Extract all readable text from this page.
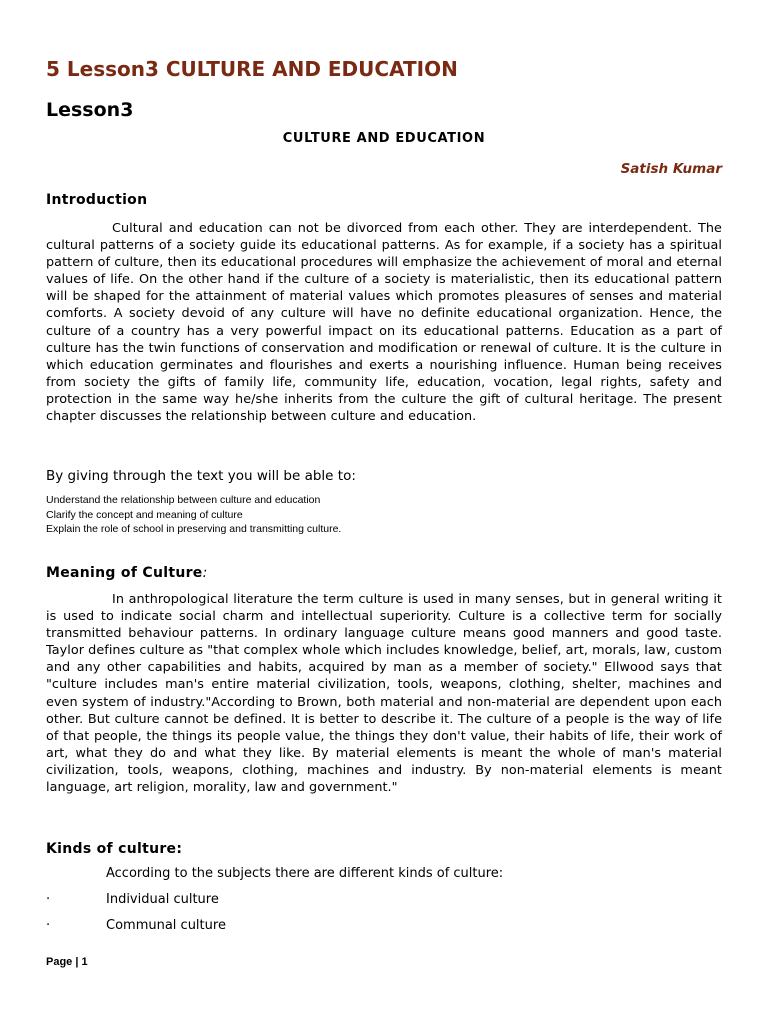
5 Lesson3 CULTURE AND EDUCATION
Lesson3
CULTURE AND EDUCATION
Satish Kumar
Introduction

Cultural and education can not be divorced from each other. They are interdependent. The cultural patterns of a society guide its educational patterns. As for example, if a society has a spiritual pattern of culture, then its educational procedures will emphasize the achievement of moral and eternal values of life. On the other hand if the culture of a society is materialistic, then its educational pattern will be shaped for the attainment of material values which promotes pleasures of senses and material comforts. A society devoid of any culture will have no definite educational organization. Hence, the culture of a country has a very powerful impact on its educational patterns. Education as a part of culture has the twin functions of conservation and modification or renewal of culture. It is the culture in which education germinates and flourishes and exerts a nourishing influence. Human being receives from society the gifts of family life, community life, education, vocation, legal rights, safety and protection in the same way he/she inherits from the culture the gift of cultural heritage. The present chapter discusses the relationship between culture and education.

By giving through the text you will be able to:

Understand the relationship between culture and education
Clarify the concept and meaning of culture
Explain the role of school in preserving and transmitting culture.
Meaning of Culture:

In anthropological literature the term culture is used in many senses, but in general writing it is used to indicate social charm and intellectual superiority. Culture is a collective term for socially transmitted behaviour patterns. In ordinary language culture means good manners and good taste. Taylor defines culture as "that complex whole which includes knowledge, belief, art, morals, law, custom and any other capabilities and habits, acquired by man as a member of society." Ellwood says that "culture includes man's entire material civilization, tools, weapons, clothing, shelter, machines and even system of industry."According to Brown, both material and non-material are dependent upon each other. But culture cannot be defined. It is better to describe it. The culture of a people is the way of life of that people, the things its people value, the things they don't value, their habits of life, their work of art, what they do and what they like. By material elements is meant the whole of man's material civilization, tools, weapons, clothing, machines and industry. By non-material elements is meant language, art religion, morality, law and government."

Kinds of culture:

According to the subjects there are different kinds of culture:

·	Individual culture
·	Communal culture
Page | 1
